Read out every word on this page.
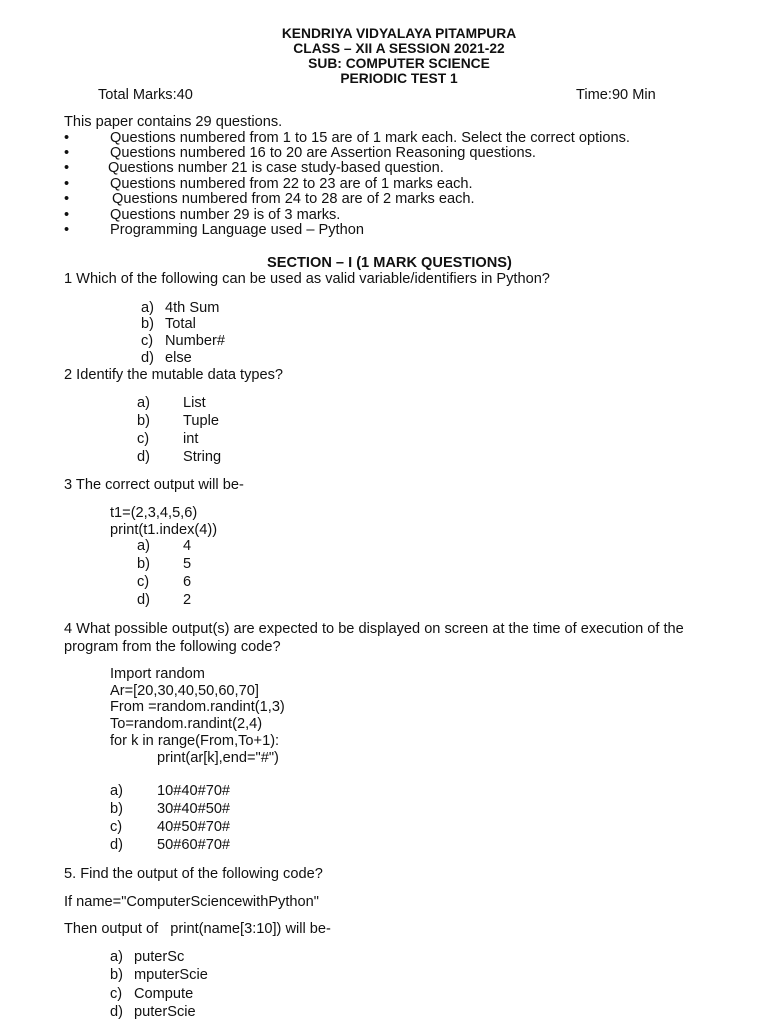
KENDRIYA VIDYALAYA PITAMPURA
CLASS – XII A SESSION 2021-22
SUB: COMPUTER SCIENCE
PERIODIC TEST 1
Total Marks:40	Time:90 Min
This paper contains 29 questions.
•	Questions numbered from 1 to 15 are of 1 mark each. Select the correct options.
•	Questions numbered 16 to 20 are Assertion Reasoning questions.
•	Questions number 21 is case study-based question.
•	Questions numbered from 22 to 23 are of 1 marks each.
•	Questions numbered from 24 to 28 are of 2 marks each.
•	Questions number 29 is of 3 marks.
•	Programming Language used – Python
SECTION – I (1 MARK QUESTIONS)
1 Which of the following can be used as valid variable/identifiers in Python?
a) 4th Sum
b) Total
c) Number#
d) else
2 Identify the mutable data types?
a) List
b) Tuple
c) int
d) String
3 The correct output will be-
t1=(2,3,4,5,6)
print(t1.index(4))
a) 4
b) 5
c) 6
d) 2
4 What possible output(s) are expected to be displayed on screen at the time of execution of the
program from the following code?
Import random
Ar=[20,30,40,50,60,70]
From =random.randint(1,3)
To=random.randint(2,4)
for k in range(From,To+1):
print(ar[k],end="#")
a) 10#40#70#
b) 30#40#50#
c) 40#50#70#
d) 50#60#70#
5. Find the output of the following code?
If name="ComputerSciencewithPython"
Then output of   print(name[3:10]) will be-
a) puterSc
b) mputerScie
c) Compute
d) puterScie
